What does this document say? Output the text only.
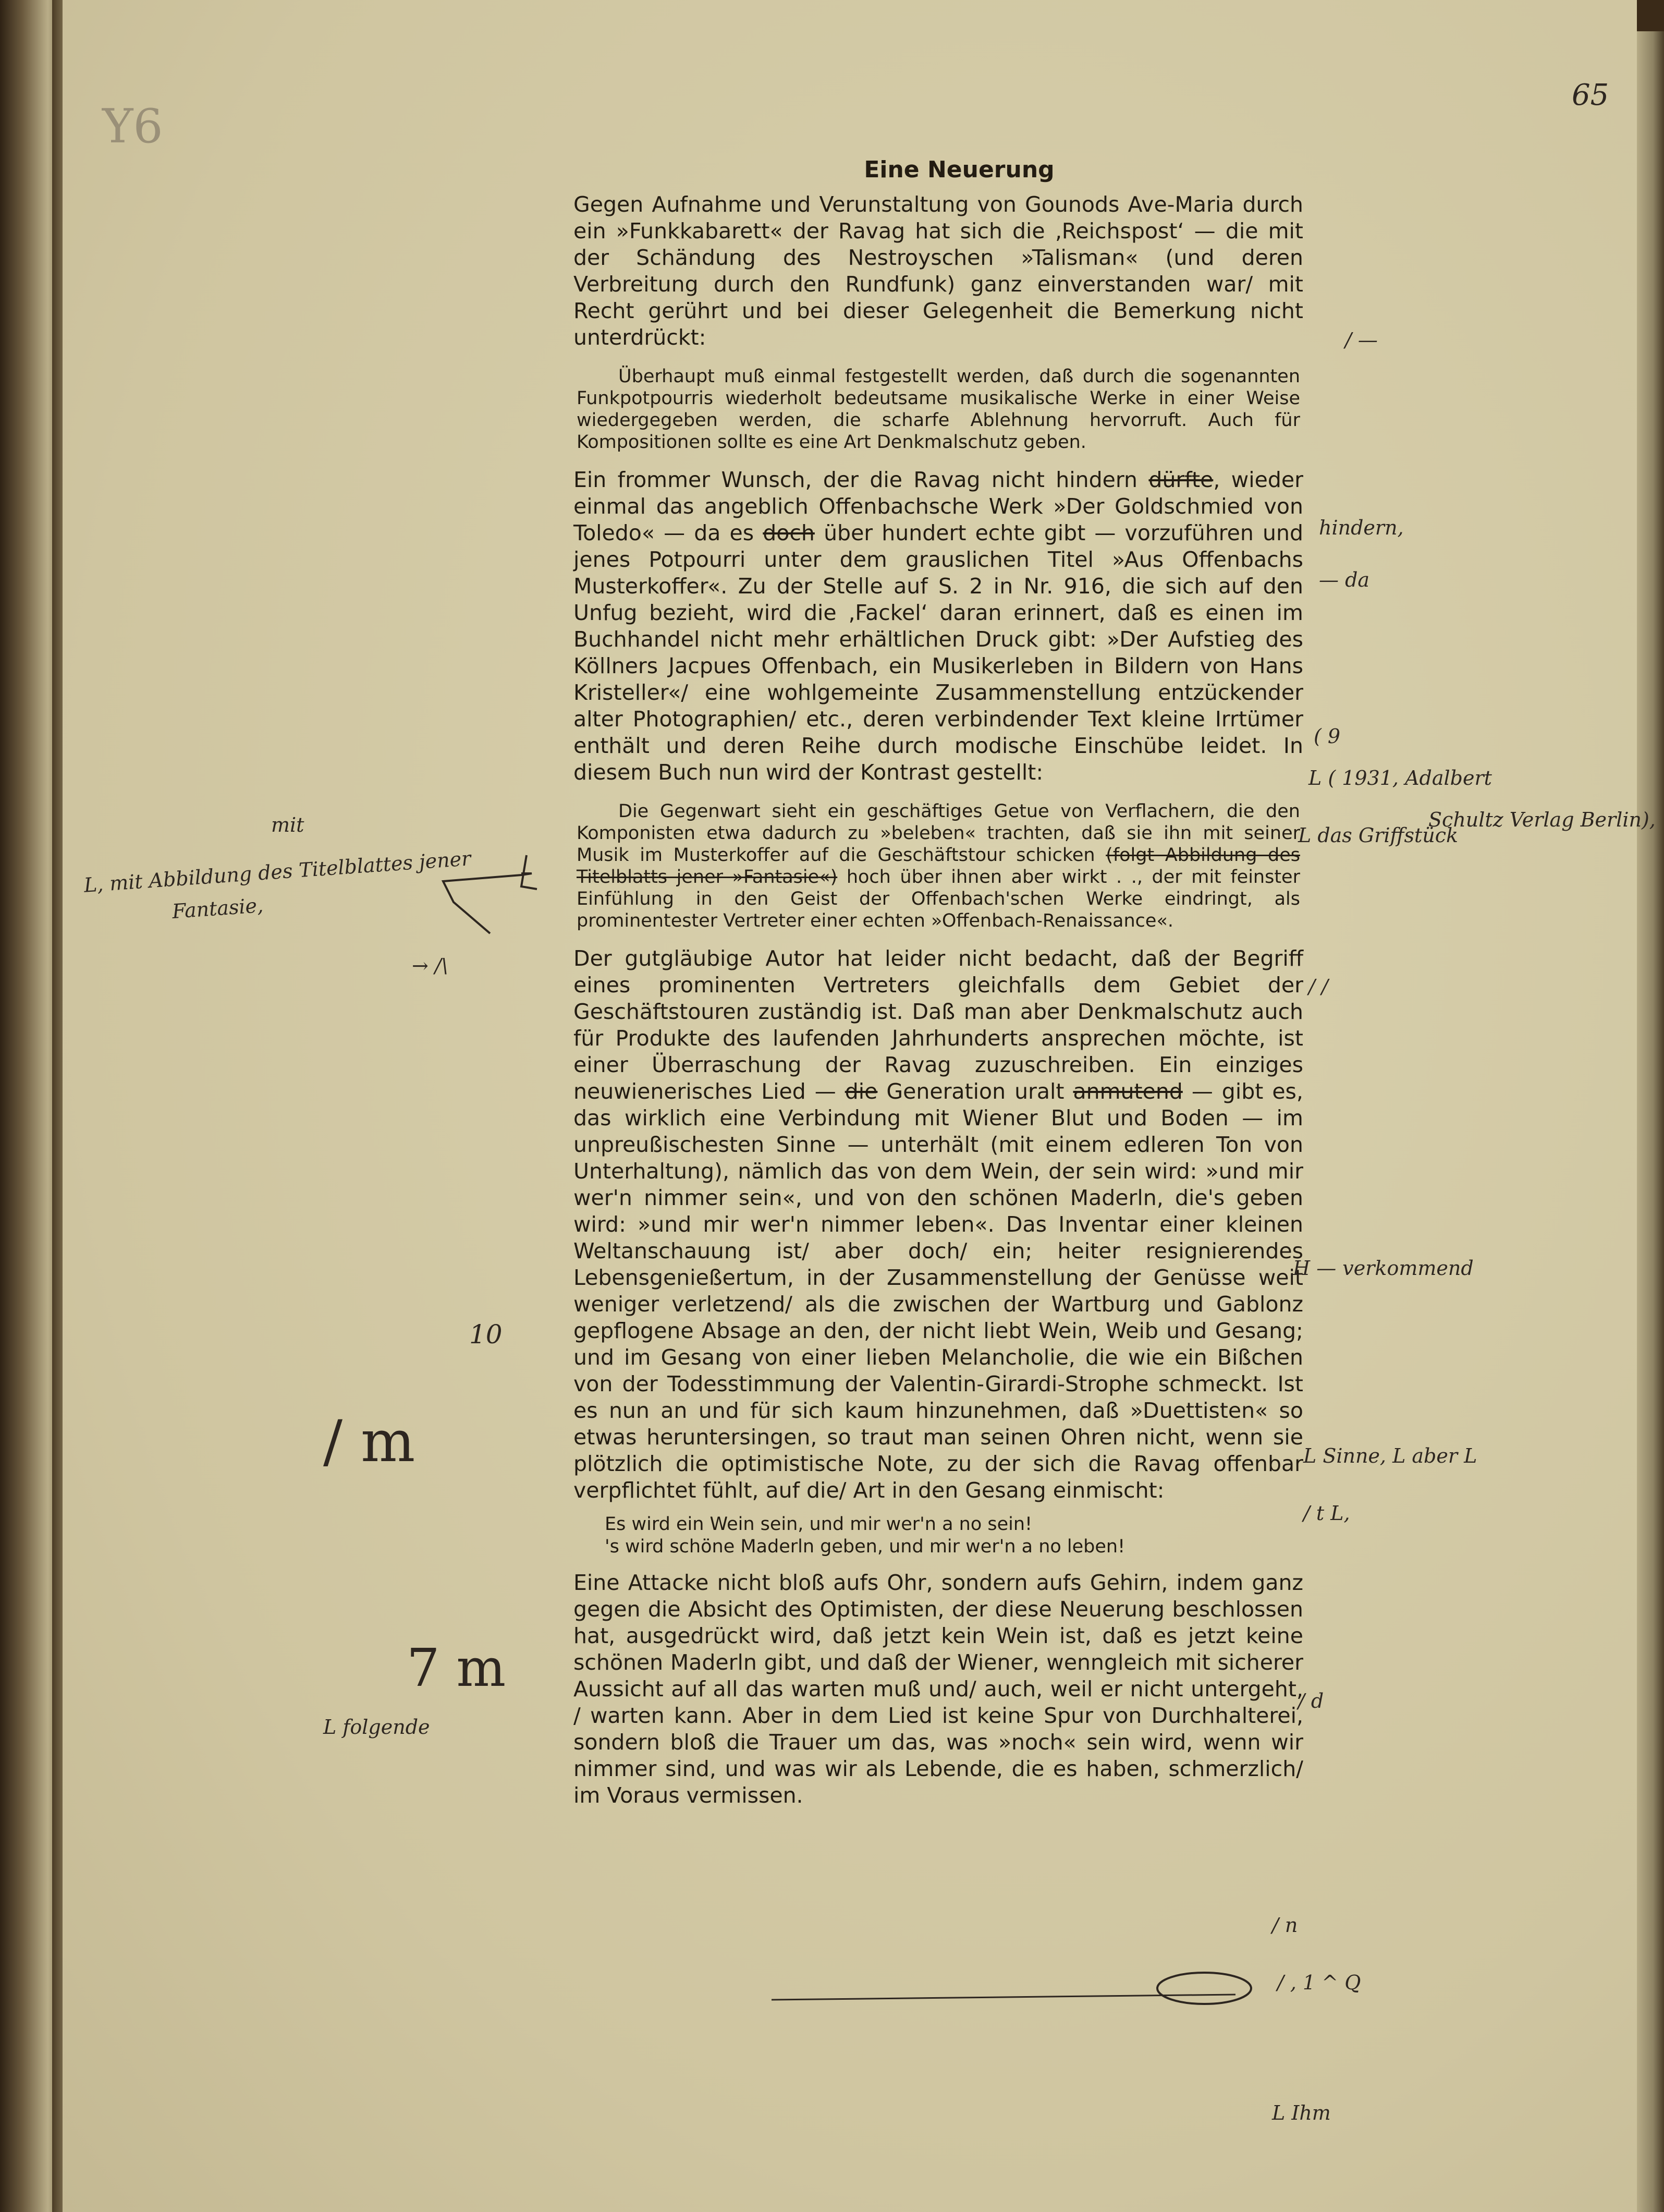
Y6
65
Eine Neuerung

Gegen Aufnahme und Verunstaltung von Gounods Ave-Maria durch ein »Funkkabarett« der Ravag hat sich die ‚Reichspost‘ — die mit der Schändung des Nestroyschen »Talisman« (und deren Verbreitung durch den Rundfunk) ganz einverstanden war/ mit Recht gerührt und bei dieser Gelegenheit die Bemerkung nicht unterdrückt:

Überhaupt muß einmal festgestellt werden, daß durch die sogenannten Funkpotpourris wiederholt bedeutsame musikalische Werke in einer Weise wiedergegeben werden, die scharfe Ablehnung hervorruft. Auch für Kompositionen sollte es eine Art Denkmalschutz geben.

Ein frommer Wunsch, der die Ravag nicht hindern dürfte, wieder einmal das angeblich Offenbachsche Werk »Der Goldschmied von Toledo« — da es doch über hundert echte gibt — vorzuführen und jenes Potpourri unter dem grauslichen Titel »Aus Offenbachs Musterkoffer«. Zu der Stelle auf S. 2 in Nr. 916, die sich auf den Unfug bezieht, wird die ‚Fackel‘ daran erinnert, daß es einen im Buchhandel nicht mehr erhältlichen Druck gibt: »Der Aufstieg des Köllners Jacpues Offenbach, ein Musikerleben in Bildern von Hans Kristeller«/ eine wohlgemeinte Zusammenstellung entzückender alter Photographien/ etc., deren verbindender Text kleine Irrtümer enthält und deren Reihe durch modische Einschübe leidet. In diesem Buch nun wird der Kontrast gestellt:

Die Gegenwart sieht ein geschäftiges Getue von Verflachern, die den Komponisten etwa dadurch zu »beleben« trachten, daß sie ihn mit seiner Musik im Musterkoffer auf die Geschäftstour schicken (folgt Abbildung des Titelblatts jener »Fantasie«) hoch über ihnen aber wirkt . ., der mit feinster Einfühlung in den Geist der Offenbach'schen Werke eindringt, als prominentester Vertreter einer echten »Offenbach-Renaissance«.

Der gutgläubige Autor hat leider nicht bedacht, daß der Begriff eines prominenten Vertreters gleichfalls dem Gebiet der Geschäftstouren zuständig ist. Daß man aber Denkmalschutz auch für Produkte des laufenden Jahrhunderts ansprechen möchte, ist einer Überraschung der Ravag zuzuschreiben. Ein einziges neuwienerisches Lied — die Generation uralt anmutend — gibt es, das wirklich eine Verbindung mit Wiener Blut und Boden — im unpreußischesten Sinne — unterhält (mit einem edleren Ton von Unterhaltung), nämlich das von dem Wein, der sein wird: »und mir wer'n nimmer sein«, und von den schönen Maderln, die's geben wird: »und mir wer'n nimmer leben«. Das Inventar einer kleinen Weltanschauung ist/ aber doch/ ein; heiter resignierendes Lebensgenießertum, in der Zusammenstellung der Genüsse weit weniger verletzend/ als die zwischen der Wartburg und Gablonz gepflogene Absage an den, der nicht liebt Wein, Weib und Gesang; und im Gesang von einer lieben Melancholie, die wie ein Bißchen von der Todesstimmung der Valentin-Girardi-Strophe schmeckt. Ist es nun an und für sich kaum hinzunehmen, daß »Duettisten« so etwas heruntersingen, so traut man seinen Ohren nicht, wenn sie plötzlich die optimistische Note, zu der sich die Ravag offenbar verpflichtet fühlt, auf die/ Art in den Gesang einmischt:

Es wird ein Wein sein, und mir wer'n a no sein!
's wird schöne Maderln geben, und mir wer'n a no leben!

Eine Attacke nicht bloß aufs Ohr, sondern aufs Gehirn, indem ganz gegen die Absicht des Optimisten, der diese Neuerung beschlossen hat, ausgedrückt wird, daß jetzt kein Wein ist, daß es jetzt keine schönen Maderln gibt, und daß der Wiener, wenngleich mit sicherer Aussicht auf all das warten muß und/ auch, weil er nicht untergeht, / warten kann. Aber in dem Lied ist keine Spur von Durchhalterei, sondern bloß die Trauer um das, was »noch« sein wird, wenn wir nimmer sind, und was wir als Lebende, die es haben, schmerzlich/ im Voraus vermissen.

/ —
hindern,
— da
( 9
L ( 1931, Adalbert
Schultz Verlag Berlin),
L das Griffstück
/ /
H — verkommend
L Sinne, L aber L
/ t L,
/ d
/ n
/ , 1 ^ Q
L Ihm
mit
L, mit Abbildung des Titelblattes jener
Fantasie,
→ /\
10
/ m
7 m
L folgende
